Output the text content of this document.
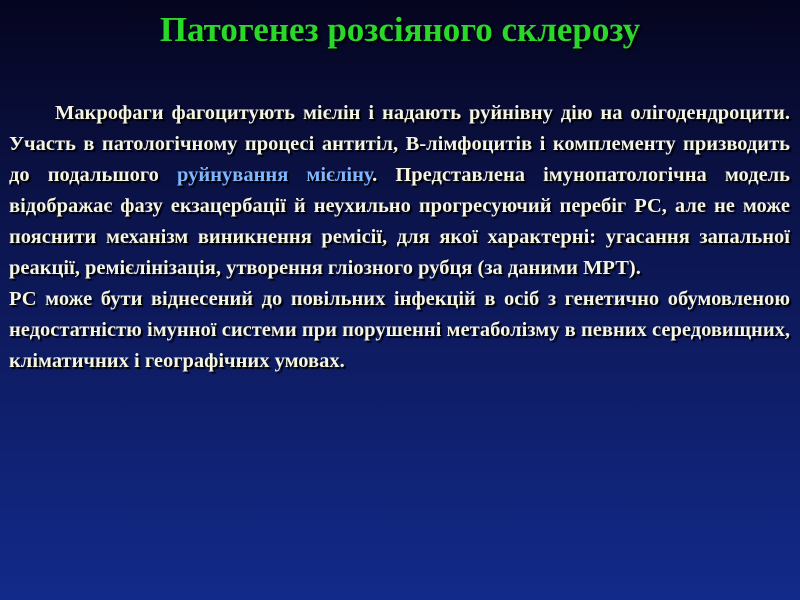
Патогенез розсіяного склерозу

Макрофаги фагоцитують мієлін і надають руйнівну дію на олігодендроцити. Участь в патологічному процесі антитіл, В-лімфоцитів і комплементу призводить до подальшого руйнування мієліну. Представлена імунопатологічна модель відображає фазу екзацербації й неухильно прогресуючий перебіг РС, але не може пояснити механізм виникнення ремісії, для якої характерні: угасання запальної реакції, ремієлінізація, утворення гліозного рубця (за даними МРТ).

РС може бути віднесений до повільних інфекцій в осіб з генетично обумовленою недостатністю імунної системи при порушенні метаболізму в певних середовищних, кліматичних і географічних умовах.
